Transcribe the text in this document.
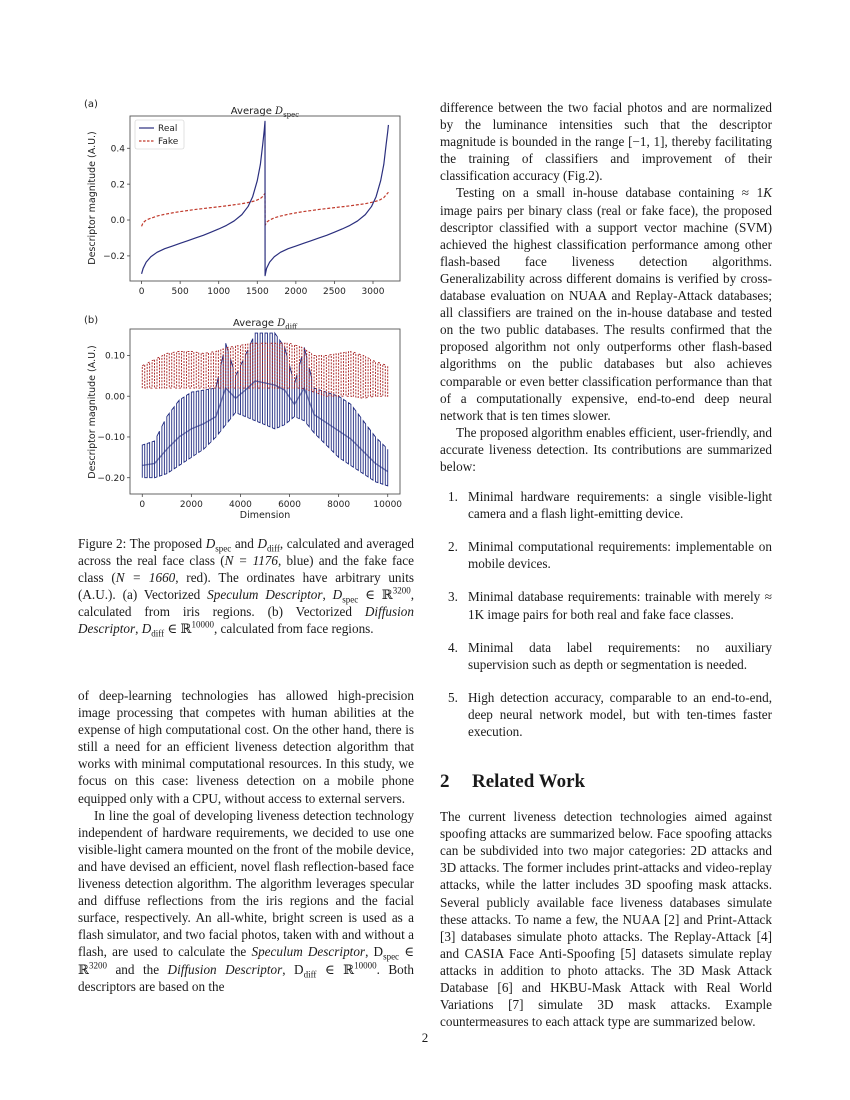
(a)
Average $D_{spec}$
0	500 1000 1500 2000 2500 3000
−0.2
0.0
0.2
0.4
Descriptor magnitude (A.U.)
Real
Fake
(b)	Average $D_{diff}$
0	2000	4000	6000	8000	10000
−0.20
−0.10
0.00
0.10
Descriptor magnitude (A.U.)
Dimension
Figure 2: The proposed $D_{spec}$ and $D_{diff}$, calculated and averaged across the real face class (N = 1176, blue) and the fake face class (N = 1660, red). The ordinates have arbitrary units (A.U.). (a) Vectorized Speculum Descriptor, $D_{spec}$ ∈ ℝ$^{3200}$, calculated from iris regions. (b) Vectorized Diffusion Descriptor, $D_{diff}$ ∈ ℝ$^{10000}$, calculated from face regions.

of deep-learning technologies has allowed high-precision image processing that competes with human abilities at the expense of high computational cost. On the other hand, there is still a need for an efficient liveness detection algorithm that works with minimal computational resources. In this study, we focus on this case: liveness detection on a mobile phone equipped only with a CPU, without access to external servers.

In line the goal of developing liveness detection technology independent of hardware requirements, we decided to use one visible-light camera mounted on the front of the mobile device, and have devised an efficient, novel flash reflection-based face liveness detection algorithm. The algorithm leverages specular and diffuse reflections from the iris regions and the facial surface, respectively. An all-white, bright screen is used as a flash simulator, and two facial photos, taken with and without a flash, are used to calculate the Speculum Descriptor, $D_{spec}$ ∈ ℝ$^{3200}$ and the Diffusion Descriptor, $D_{diff}$ ∈ ℝ$^{10000}$. Both descriptors are based on the

difference between the two facial photos and are normalized by the luminance intensities such that the descriptor magnitude is bounded in the range [−1, 1], thereby facilitating the training of classifiers and improvement of their classification accuracy (Fig.2).

Testing on a small in-house database containing ≈ 1K image pairs per binary class (real or fake face), the proposed descriptor classified with a support vector machine (SVM) achieved the highest classification performance among other flash-based face liveness detection algorithms. Generalizability across different domains is verified by cross-database evaluation on NUAA and Replay-Attack databases; all classifiers are trained on the in-house database and tested on the two public databases. The results confirmed that the proposed algorithm not only outperforms other flash-based algorithms on the public databases but also achieves comparable or even better classification performance than that of a computationally expensive, end-to-end deep neural network that is ten times slower.

The proposed algorithm enables efficient, user-friendly, and accurate liveness detection. Its contributions are summarized below:

1. Minimal hardware requirements: a single visible-light camera and a flash light-emitting device.
2. Minimal computational requirements: implementable on mobile devices.
3. Minimal database requirements: trainable with merely ≈ 1K image pairs for both real and fake face classes.
4. Minimal data label requirements: no auxiliary supervision such as depth or segmentation is needed.
5. High detection accuracy, comparable to an end-to-end, deep neural network model, but with ten-times faster execution.
2 Related Work

The current liveness detection technologies aimed against spoofing attacks are summarized below. Face spoofing attacks can be subdivided into two major categories: 2D attacks and 3D attacks. The former includes print-attacks and video-replay attacks, while the latter includes 3D spoofing mask attacks. Several publicly available face liveness databases simulate these attacks. To name a few, the NUAA [2] and Print-Attack [3] databases simulate photo attacks. The Replay-Attack [4] and CASIA Face Anti-Spoofing [5] datasets simulate replay attacks in addition to photo attacks. The 3D Mask Attack Database [6] and HKBU-Mask Attack with Real World Variations [7] simulate 3D mask attacks. Example countermeasures to each attack type are summarized below.

2
